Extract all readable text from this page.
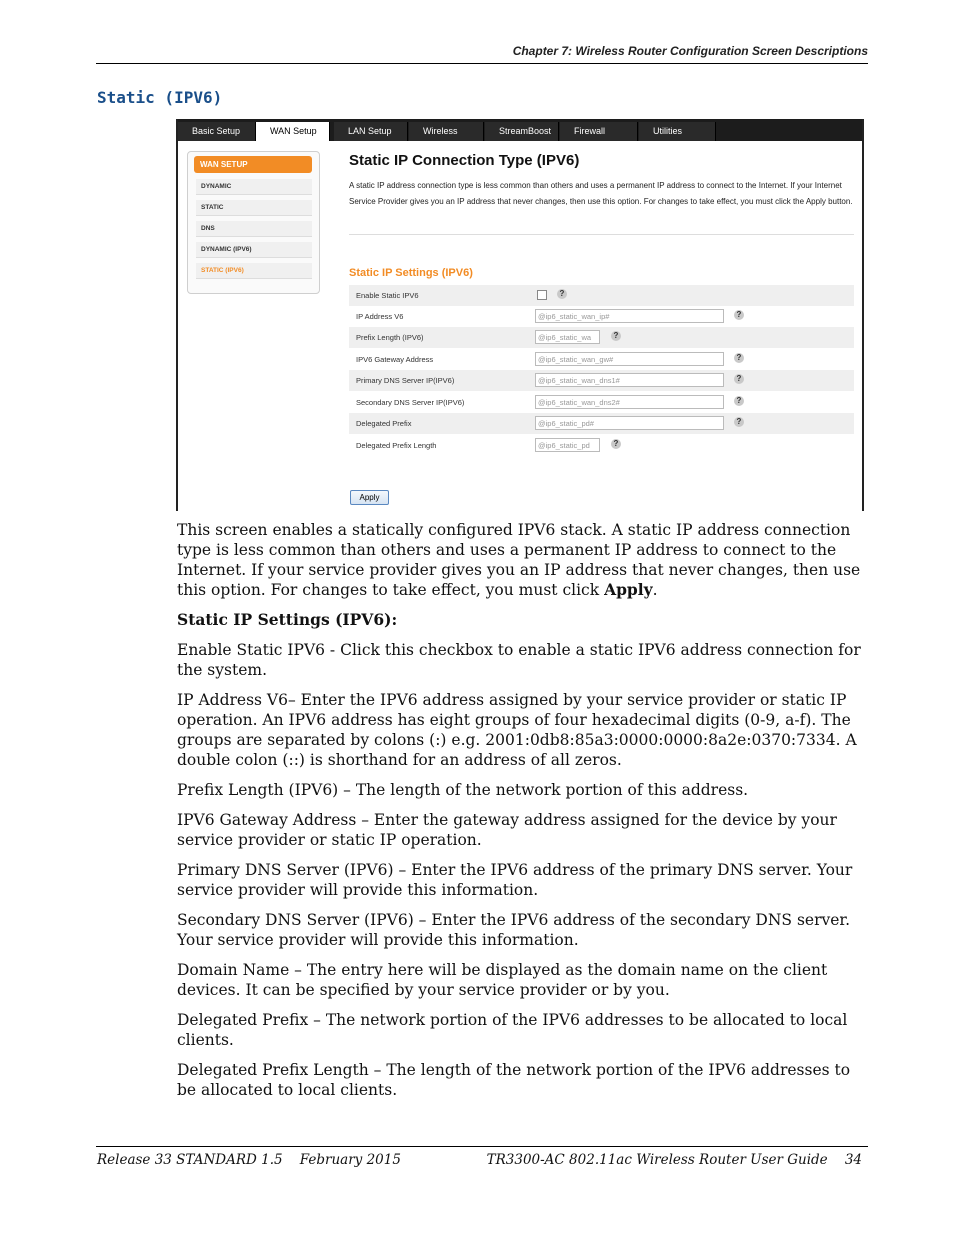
Chapter 7: Wireless Router Configuration Screen Descriptions
Static (IPV6)
Basic Setup	WAN Setup	LAN Setup	Wireless	StreamBoost	Firewall	Utilities
WAN SETUP
DYNAMIC
STATIC
DNS
DYNAMIC (IPV6)
STATIC (IPV6)
Static IP Connection Type (IPV6)
A static IP address connection type is less common than others and uses a permanent IP address to connect to the Internet. If your Internet Service Provider gives you an IP address that never changes, then use this option. For changes to take effect, you must click the Apply button.
Static IP Settings (IPV6)
Enable Static IPV6	?
IP Address V6	@ip6_static_wan_ip#	?
Prefix Length (IPV6)	@ip6_static_wa	?
IPV6 Gateway Address	@ip6_static_wan_gw#	?
Primary DNS Server IP(IPV6)	@ip6_static_wan_dns1#	?
Secondary DNS Server IP(IPV6)	@ip6_static_wan_dns2#	?
Delegated Prefix	@ip6_static_pd#	?
Delegated Prefix Length	@ip6_static_pd	?
Apply

This screen enables a statically configured IPV6 stack. A static IP address connection type is less common than others and uses a permanent IP address to connect to the Internet. If your service provider gives you an IP address that never changes, then use this option. For changes to take effect, you must click Apply.

Static IP Settings (IPV6):

Enable Static IPV6 - Click this checkbox to enable a static IPV6 address connection for the system.

IP Address V6– Enter the IPV6 address assigned by your service provider or static IP operation. An IPV6 address has eight groups of four hexadecimal digits (0-9, a-f). The groups are separated by colons (:) e.g. 2001:0db8:85a3:0000:0000:8a2e:0370:7334. A double colon (::) is shorthand for an address of all zeros.

Prefix Length (IPV6) – The length of the network portion of this address.

IPV6 Gateway Address – Enter the gateway address assigned for the device by your service provider or static IP operation.

Primary DNS Server (IPV6) – Enter the IPV6 address of the primary DNS server. Your service provider will provide this information.

Secondary DNS Server (IPV6) – Enter the IPV6 address of the secondary DNS server. Your service provider will provide this information.

Domain Name – The entry here will be displayed as the domain name on the client devices. It can be specified by your service provider or by you.

Delegated Prefix – The network portion of the IPV6 addresses to be allocated to local clients.

Delegated Prefix Length – The length of the network portion of the IPV6 addresses to be allocated to local clients.

Release 33 STANDARD 1.5    February 2015	TR3300-AC 802.11ac Wireless Router User Guide    34
